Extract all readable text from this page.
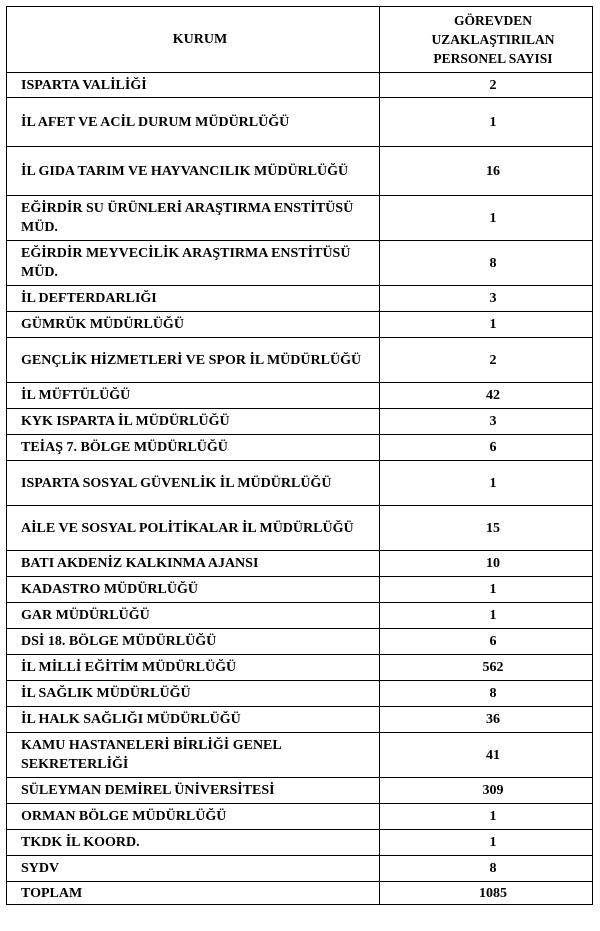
KURUM	GÖREVDEN
UZAKLAŞTIRILAN
PERSONEL SAYISI

ISPARTA VALİLİĞİ	2
İL AFET VE ACİL DURUM MÜDÜRLÜĞÜ	1
İL GIDA TARIM VE HAYVANCILIK MÜDÜRLÜĞÜ	16
EĞİRDİR SU ÜRÜNLERİ ARAŞTIRMA ENSTİTÜSÜ MÜD.	1
EĞİRDİR MEYVECİLİK ARAŞTIRMA ENSTİTÜSÜ MÜD.	8
İL DEFTERDARLIĞI	3
GÜMRÜK MÜDÜRLÜĞÜ	1
GENÇLİK HİZMETLERİ VE SPOR İL MÜDÜRLÜĞÜ	2
İL MÜFTÜLÜĞÜ	42
KYK ISPARTA İL MÜDÜRLÜĞÜ	3
TEİAŞ 7. BÖLGE MÜDÜRLÜĞÜ	6
ISPARTA SOSYAL GÜVENLİK İL MÜDÜRLÜĞÜ	1
AİLE VE SOSYAL POLİTİKALAR İL MÜDÜRLÜĞÜ	15
BATI AKDENİZ KALKINMA AJANSI	10
KADASTRO MÜDÜRLÜĞÜ	1
GAR MÜDÜRLÜĞÜ	1
DSİ 18. BÖLGE MÜDÜRLÜĞÜ	6
İL MİLLİ EĞİTİM MÜDÜRLÜĞÜ	562
İL SAĞLIK MÜDÜRLÜĞÜ	8
İL HALK SAĞLIĞI MÜDÜRLÜĞÜ	36
KAMU HASTANELERİ BİRLİĞİ GENEL SEKRETERLİĞİ	41
SÜLEYMAN DEMİREL ÜNİVERSİTESİ	309
ORMAN BÖLGE MÜDÜRLÜĞÜ	1
TKDK İL KOORD.	1
SYDV	8
TOPLAM	1085
